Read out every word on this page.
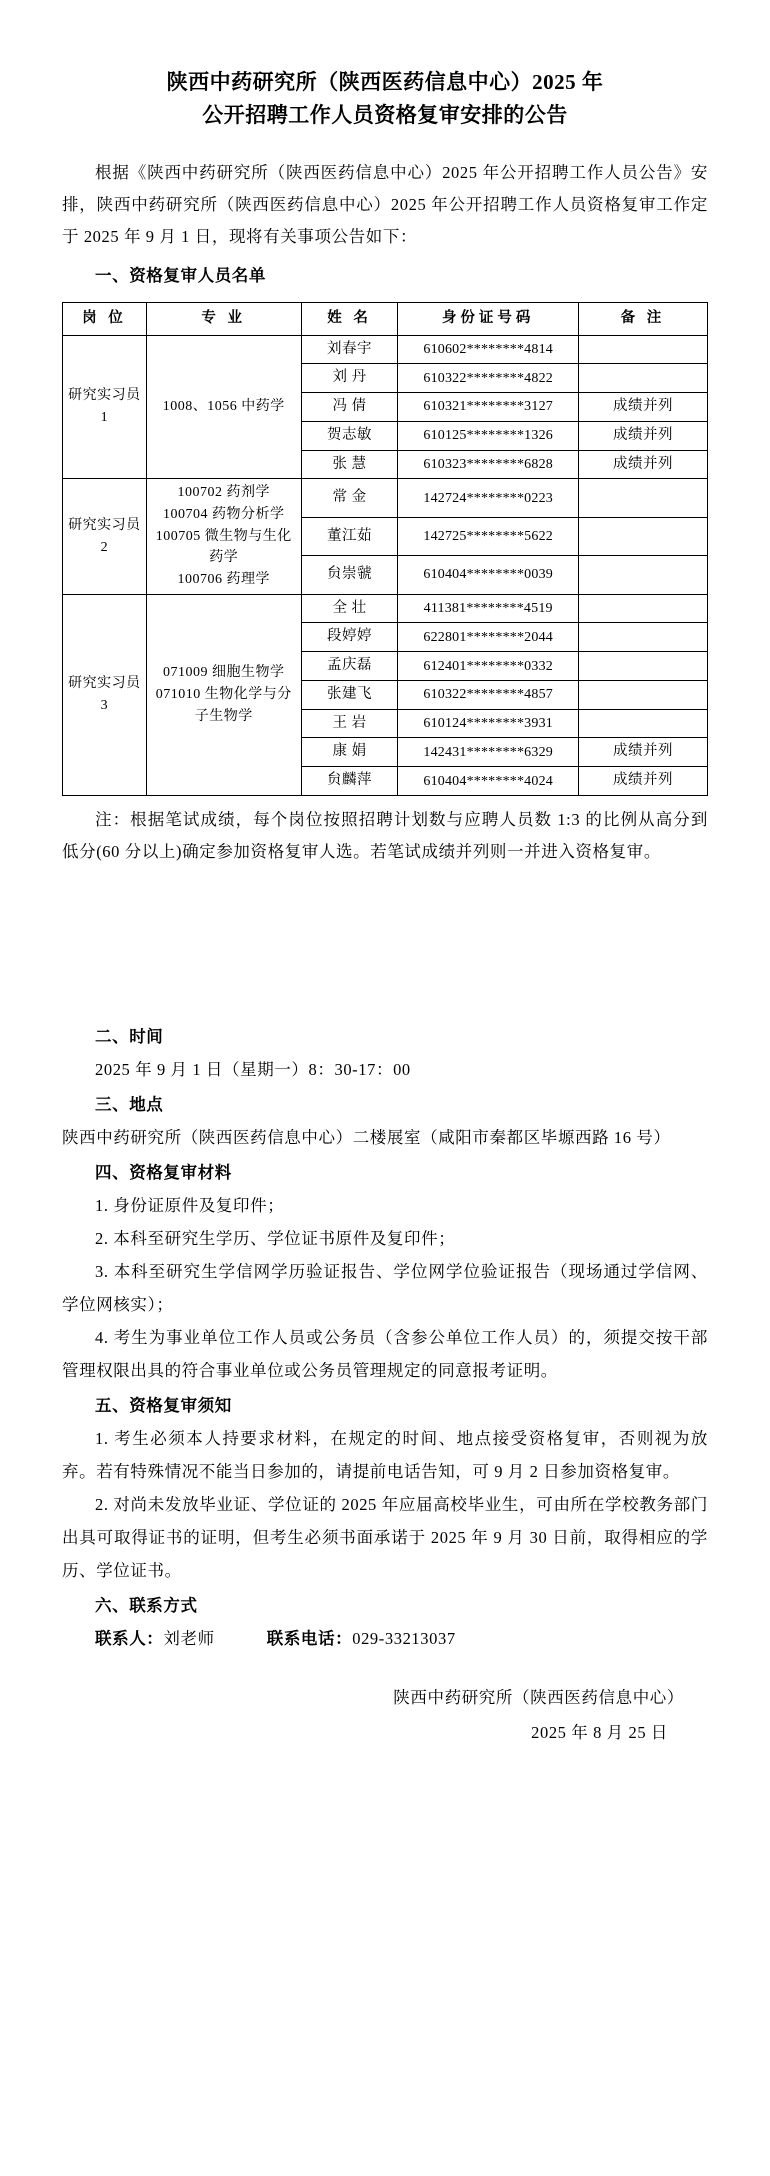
陕西中药研究所（陕西医药信息中心）2025 年
公开招聘工作人员资格复审安排的公告

根据《陕西中药研究所（陕西医药信息中心）2025 年公开招聘工作人员公告》安排，陕西中药研究所（陕西医药信息中心）2025 年公开招聘工作人员资格复审工作定于 2025 年 9 月 1 日，现将有关事项公告如下：

一、资格复审人员名单
岗 位	专 业	姓 名	身份证号码	备 注
研究实习员 1	1008、1056 中药学	刘春宇	610602********4814	
		刘 丹	610322********4822	
		冯 倩	610321********3127	成绩并列
		贺志敏	610125********1326	成绩并列
		张 慧	610323********6828	成绩并列
研究实习员 2	100702 药剂学
100704 药物分析学
100705 微生物与生化药学
100706 药理学	常 金	142724********0223	
		董江茹	142725********5622	
		贠崇虢	610404********0039	
研究实习员 3	071009 细胞生物学
071010 生物化学与分子生物学	全 壮	411381********4519	
		段婷婷	622801********2044	
		孟庆磊	612401********0332	
		张建飞	610322********4857	
		王 岩	610124********3931	
		康 娟	142431********6329	成绩并列
		贠麟萍	610404********4024	成绩并列

注：根据笔试成绩，每个岗位按照招聘计划数与应聘人员数 1:3 的比例从高分到低分(60 分以上)确定参加资格复审人选。若笔试成绩并列则一并进入资格复审。

二、时间

2025 年 9 月 1 日（星期一）8：30-17：00

三、地点

陕西中药研究所（陕西医药信息中心）二楼展室（咸阳市秦都区毕塬西路 16 号）

四、资格复审材料

1. 身份证原件及复印件；

2. 本科至研究生学历、学位证书原件及复印件；

3. 本科至研究生学信网学历验证报告、学位网学位验证报告（现场通过学信网、学位网核实）；

4. 考生为事业单位工作人员或公务员（含参公单位工作人员）的，须提交按干部管理权限出具的符合事业单位或公务员管理规定的同意报考证明。

五、资格复审须知

1. 考生必须本人持要求材料，在规定的时间、地点接受资格复审，否则视为放弃。若有特殊情况不能当日参加的，请提前电话告知，可 9 月 2 日参加资格复审。

2. 对尚未发放毕业证、学位证的 2025 年应届高校毕业生，可由所在学校教务部门出具可取得证书的证明，但考生必须书面承诺于 2025 年 9 月 30 日前，取得相应的学历、学位证书。

六、联系方式

联系人：刘老师	联系电话：029-33213037

陕西中药研究所（陕西医药信息中心）
2025 年 8 月 25 日
